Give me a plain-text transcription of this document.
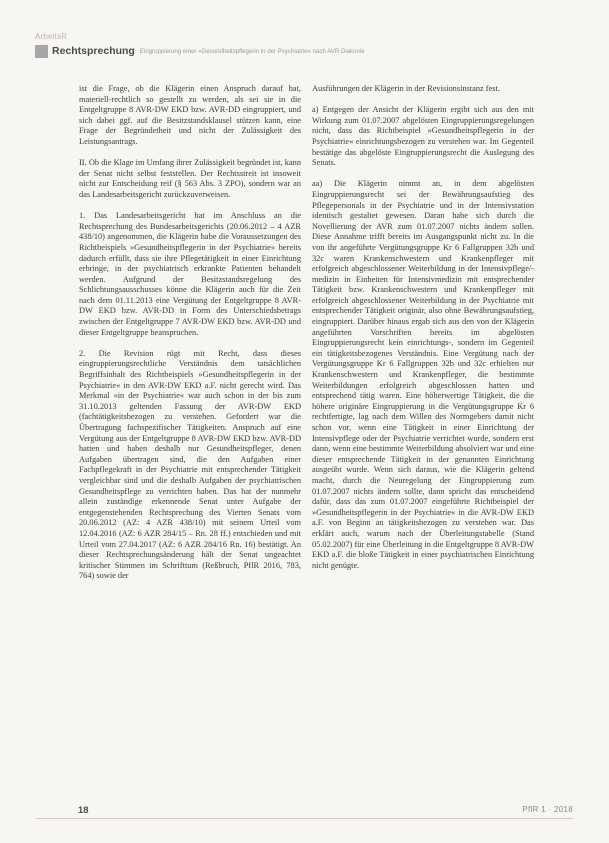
ArbeitsR
Rechtsprechung Eingruppierung einer »Gesundheitspflegerin in der Psychiatrie« nach AVR Diakonie

ist die Frage, ob die Klägerin einen Anspruch darauf hat, materiell-rechtlich so gestellt zu werden, als sei sie in die Entgeltgruppe 8 AVR-DW EKD bzw. AVR-DD eingruppiert, und sich dabei ggf. auf die Besitzstandsklausel stützen kann, eine Frage der Begründetheit und nicht der Zulässigkeit des Leistungsantrags.

II. Ob die Klage im Umfang ihrer Zulässigkeit begründet ist, kann der Senat nicht selbst feststellen. Der Rechtsstreit ist insoweit nicht zur Entscheidung reif (§ 563 Abs. 3 ZPO), sondern war an das Landesarbeitsgericht zurückzuverweisen.

1. Das Landesarbeitsgericht hat im Anschluss an die Rechtsprechung des Bundesarbeitsgerichts (20.06.2012 – 4 AZR 438/10) angenommen, die Klägerin habe die Voraussetzungen des Richtbeispiels »Gesundheitspflegerin in der Psychiatrie« bereits dadurch erfüllt, dass sie ihre Pflegetätigkeit in einer Einrichtung erbringe, in der psychiatrisch erkrankte Patienten behandelt werden. Aufgrund der Besitzstandsregelung des Schlichtungsausschusses könne die Klägerin auch für die Zeit nach dem 01.11.2013 eine Vergütung der Entgeltgruppe 8 AVR-DW EKD bzw. AVR-DD in Form des Unterschiedsbetrags zwischen der Entgeltgruppe 7 AVR-DW EKD bzw. AVR-DD und dieser Entgeltgruppe beanspruchen.

2. Die Revision rügt mit Recht, dass dieses eingruppierungsrechtliche Verständnis dem tatsächlichen Begriffsinhalt des Richtbeispiels »Gesundheitspflegerin in der Psychiatrie« in den AVR-DW EKD a.F. nicht gerecht wird. Das Merkmal »in der Psychiatrie« war auch schon in der bis zum 31.10.2013 geltenden Fassung der AVR-DW EKD (fachtätigkeitsbezogen zu verstehen. Gefordert war die Übertragung fachspezifischer Tätigkeiten. Anspruch auf eine Vergütung aus der Entgeltgruppe 8 AVR-DW EKD bzw. AVR-DD hatten und haben deshalb nur Gesundheitspfleger, denen Aufgaben übertragen sind, die den Aufgaben einer Fachpflegekraft in der Psychiatrie mit entsprechender Tätigkeit vergleichbar sind und die deshalb Aufgaben der psychiatrischen Gesundheitspflege zu verrichten haben. Das hat der nunmehr allein zuständige erkennende Senat unter Aufgabe der entgegenstehenden Rechtsprechung des Vierten Senats vom 20.06.2012 (AZ: 4 AZR 438/10) mit seinem Urteil vom 12.04.2016 (AZ: 6 AZR 284/15 – Rn. 28 ff.) entschieden und mit Urteil vom 27.04.2017 (AZ: 6 AZR 284/16 Rn. 16) bestätigt. An dieser Rechtsprechungsänderung hält der Senat ungeachtet kritischer Stimmen im Schrifttum (Reßbruch, PflR 2016, 783, 764) sowie der

Ausführungen der Klägerin in der Revisionsinstanz fest.

a) Entgegen der Ansicht der Klägerin ergibt sich aus den mit Wirkung zum 01.07.2007 abgelösten Eingruppierungsregelungen nicht, dass das Richtbeispiel »Gesundheitspflegerin in der Psychiatrie« einrichtungsbezogen zu verstehen war. Im Gegenteil bestätige das abgelöste Eingruppierungsrecht die Auslegung des Senats.

aa) Die Klägerin nimmt an, in dem abgelösten Eingruppierungsrecht sei der Bewährungsaufstieg des Pflegepersonals in der Psychiatrie und in der Intensivstation identisch gestaltet gewesen. Daran habe sich durch die Novellierung der AVR zum 01.07.2007 nichts ändern sollen. Diese Annahme trifft bereits im Ausgangspunkt nicht zu. In die von ihr angeführte Vergütungsgruppe Kr 6 Fallgruppen 32b und 32c waren Krankenschwestern und Krankenpfleger mit erfolgreich abgeschlossener Weiterbildung in der Intensivpflege/-medizin in Einheiten für Intensivmedizin mit entsprechender Tätigkeit bzw. Krankenschwestern und Krankenpfleger mit erfolgreich abgeschlossener Weiterbildung in der Psychiatrie mit entsprechender Tätigkeit originär, also ohne Bewährungsaufstieg, eingruppiert. Darüber hinaus ergab sich aus den von der Klägerin angeführten Vorschriften bereits im abgelösten Eingruppierungsrecht kein einrichtungs-, sondern im Gegenteil ein tätigkeitsbezogenes Verständnis. Eine Vergütung nach der Vergütungsgruppe Kr 6 Fallgruppen 32b und 32c erhielten nur Krankenschwestern und Krankenpfleger, die bestimmte Weiterbildungen erfolgreich abgeschlossen hatten und entsprechend tätig waren. Eine höherwertige Tätigkeit, die die höhere originäre Eingruppierung in die Vergütungsgruppe Kr 6 rechtfertigte, lag nach dem Willen des Normgebers damit nicht schon vor, wenn eine Tätigkeit in einer Einrichtung der Intensivpflege oder der Psychiatrie verrichtet wurde, sondern erst dann, wenn eine bestimmte Weiterbildung absolviert war und eine dieser entsprechende Tätigkeit in der genannten Einrichtung ausgeübt wurde. Wenn sich daraus, wie die Klägerin geltend macht, durch die Neuregelung der Eingruppierung zum 01.07.2007 nichts ändern sollte, dann spricht das entscheidend dafür, dass das zum 01.07.2007 eingeführte Richtbeispiel der »Gesundheitspflegerin in der Psychiatrie« in die AVR-DW EKD a.F. von Beginn an tätigkeitsbezogen zu verstehen war. Das erklärt auch, warum nach der Überleitungstabelle (Stand 05.02.2007) für eine Überleitung in die Entgeltgruppe 8 AVR-DW EKD a.F. die bloße Tätigkeit in einer psychiatrischen Einrichtung nicht genügte.

18	PflR 1 · 2018
